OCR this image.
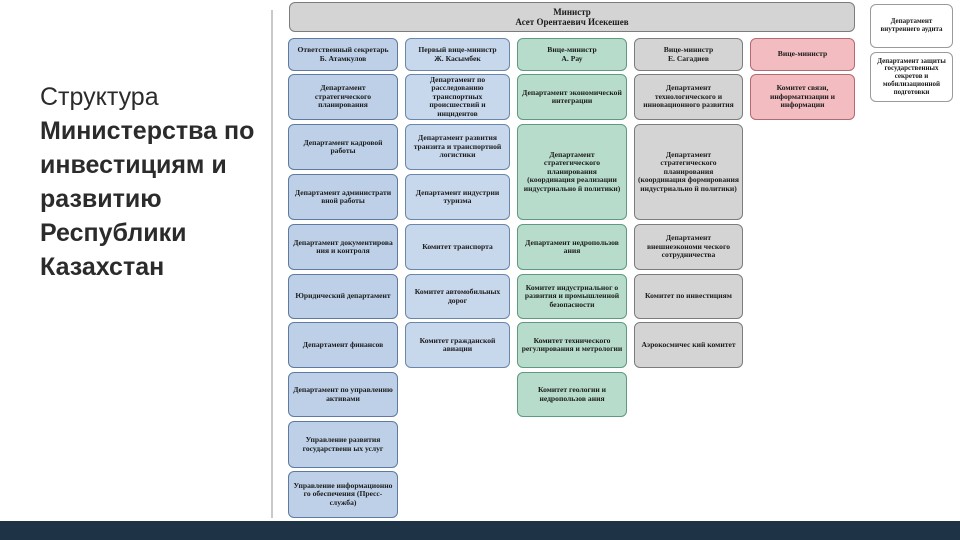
Структура
Министерства по
инвестициям и
развитию
Республики
Казахстан
Министр
Асет Орентаевич Исекешев	Департамент внутреннего аудита
Департамент защиты государственных секретов и мобилизационной подготовки
Ответственный секретарь
Б. Атамкулов
Первый вице-министр
Ж. Касымбек
Вице-министр
А. Рау
Вице-министр
Е. Сагадиев	Вице-министр
Департамент стратегического планирования
Департамент кадровой работы
Департамент администрати вной работы
Департамент документирова ния и контроля
Юридический департамент
Департамент финансов
Департамент по управлению активами
Управление развития государственн ых услуг
Управление информационно го обеспечения (Пресс-служба)
Департамент по расследованию транспортных происшествий и инцидентов
Департамент развития транзита и транспортной логистики
Департамент индустрии туризма
Комитет транспорта
Комитет автомобильных дорог
Комитет гражданской авиации
Департамент экономической интеграции
Департамент стратегического планирования
(координация реализации индустриально й политики)
Департамент недропользов ания
Комитет индустриальног о развития и промышленной безопасности
Комитет технического регулирования и метрологии
Комитет геологии и недропользов ания
Департамент технологического и инновационного развития
Департамент стратегического планирования
(координация формирования индустриально й политики)
Департамент внешнеэкономи ческого сотрудничества
Комитет по инвестициям
Аэрокосмичес кий комитет
Комитет связи, информатизации и информации
